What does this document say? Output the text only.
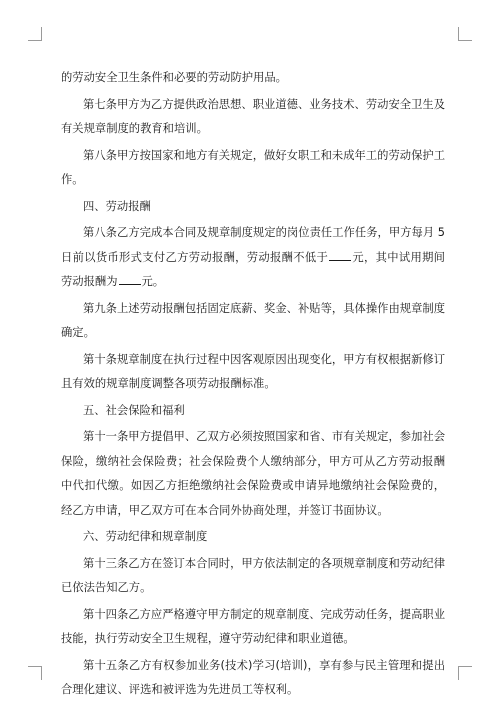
的劳动安全卫生条件和必要的劳动防护用品。

第七条甲方为乙方提供政治思想、职业道德、业务技术、劳动安全卫生及有关规章制度的教育和培训。

第八条甲方按国家和地方有关规定，做好女职工和未成年工的劳动保护工作。

四、劳动报酬

第八条乙方完成本合同及规章制度规定的岗位责任工作任务，甲方每月 5 日前以货币形式支付乙方劳动报酬，劳动报酬不低于 元，其中试用期间劳动报酬为 元。

第九条上述劳动报酬包括固定底薪、奖金、补贴等，具体操作由规章制度确定。

第十条规章制度在执行过程中因客观原因出现变化，甲方有权根据新修订且有效的规章制度调整各项劳动报酬标准。

五、社会保险和福利

第十一条甲方提倡甲、乙双方必须按照国家和省、市有关规定，参加社会保险，缴纳社会保险费；社会保险费个人缴纳部分，甲方可从乙方劳动报酬中代扣代缴。如因乙方拒绝缴纳社会保险费或申请异地缴纳社会保险费的，经乙方申请，甲乙双方可在本合同外协商处理，并签订书面协议。

六、劳动纪律和规章制度

第十三条乙方在签订本合同时，甲方依法制定的各项规章制度和劳动纪律已依法告知乙方。

第十四条乙方应严格遵守甲方制定的规章制度、完成劳动任务，提高职业技能，执行劳动安全卫生规程，遵守劳动纪律和职业道德。

第十五条乙方有权参加业务(技术)学习(培训)，享有参与民主管理和提出合理化建议、评选和被评选为先进员工等权利。
